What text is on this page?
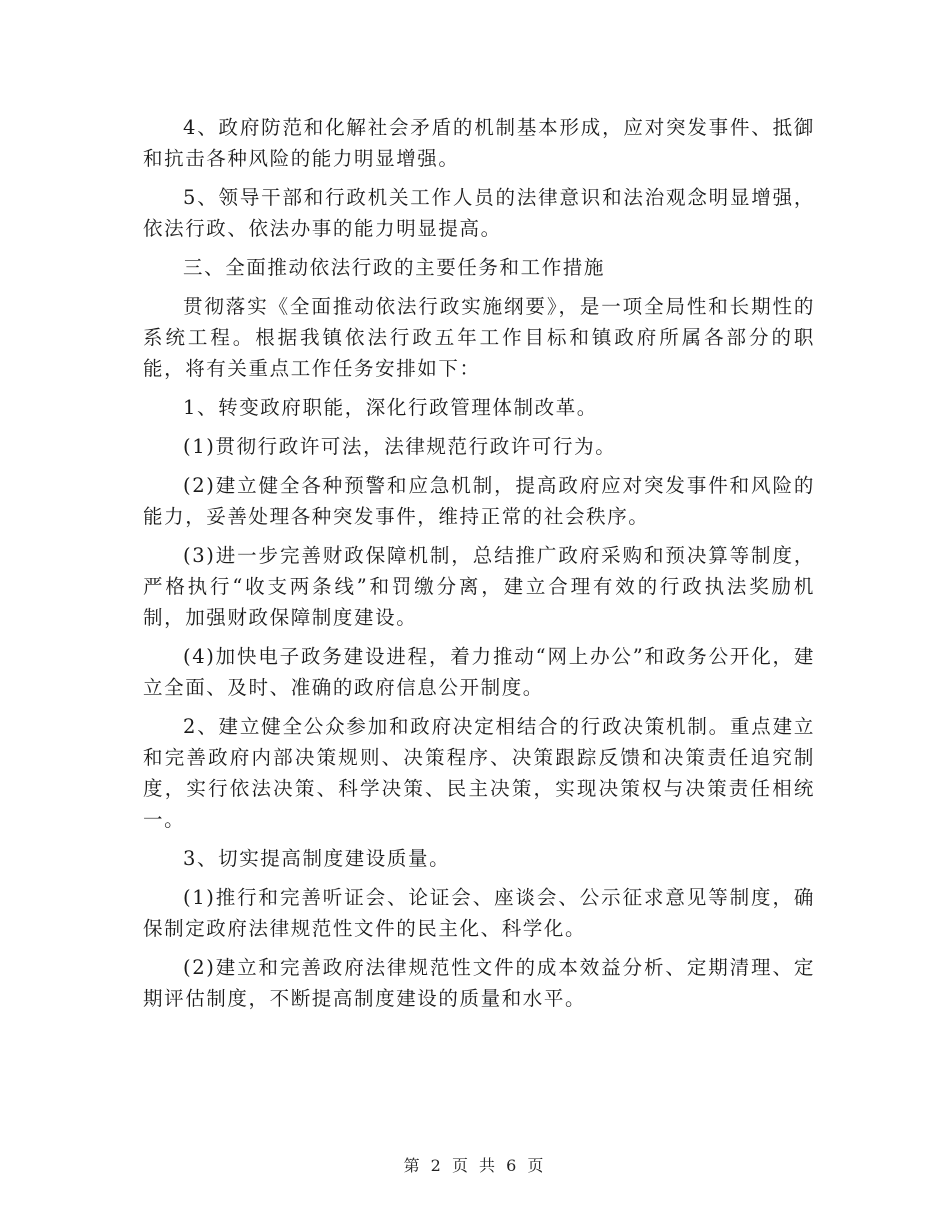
4、政府防范和化解社会矛盾的机制基本形成，应对突发事件、抵御和抗击各种风险的能力明显增强。

5、领导干部和行政机关工作人员的法律意识和法治观念明显增强，依法行政、依法办事的能力明显提高。

三、全面推动依法行政的主要任务和工作措施

贯彻落实《全面推动依法行政实施纲要》，是一项全局性和长期性的系统工程。根据我镇依法行政五年工作目标和镇政府所属各部分的职能，将有关重点工作任务安排如下：

1、转变政府职能，深化行政管理体制改革。

(1)贯彻行政许可法，法律规范行政许可行为。

(2)建立健全各种预警和应急机制，提高政府应对突发事件和风险的能力，妥善处理各种突发事件，维持正常的社会秩序。

(3)进一步完善财政保障机制，总结推广政府采购和预决算等制度，严格执行“收支两条线”和罚缴分离，建立合理有效的行政执法奖励机制，加强财政保障制度建设。

(4)加快电子政务建设进程，着力推动“网上办公”和政务公开化，建立全面、及时、准确的政府信息公开制度。

2、建立健全公众参加和政府决定相结合的行政决策机制。重点建立和完善政府内部决策规则、决策程序、决策跟踪反馈和决策责任追究制度，实行依法决策、科学决策、民主决策，实现决策权与决策责任相统一。

3、切实提高制度建设质量。

(1)推行和完善听证会、论证会、座谈会、公示征求意见等制度，确保制定政府法律规范性文件的民主化、科学化。

(2)建立和完善政府法律规范性文件的成本效益分析、定期清理、定期评估制度，不断提高制度建设的质量和水平。

第 2 页 共 6 页
